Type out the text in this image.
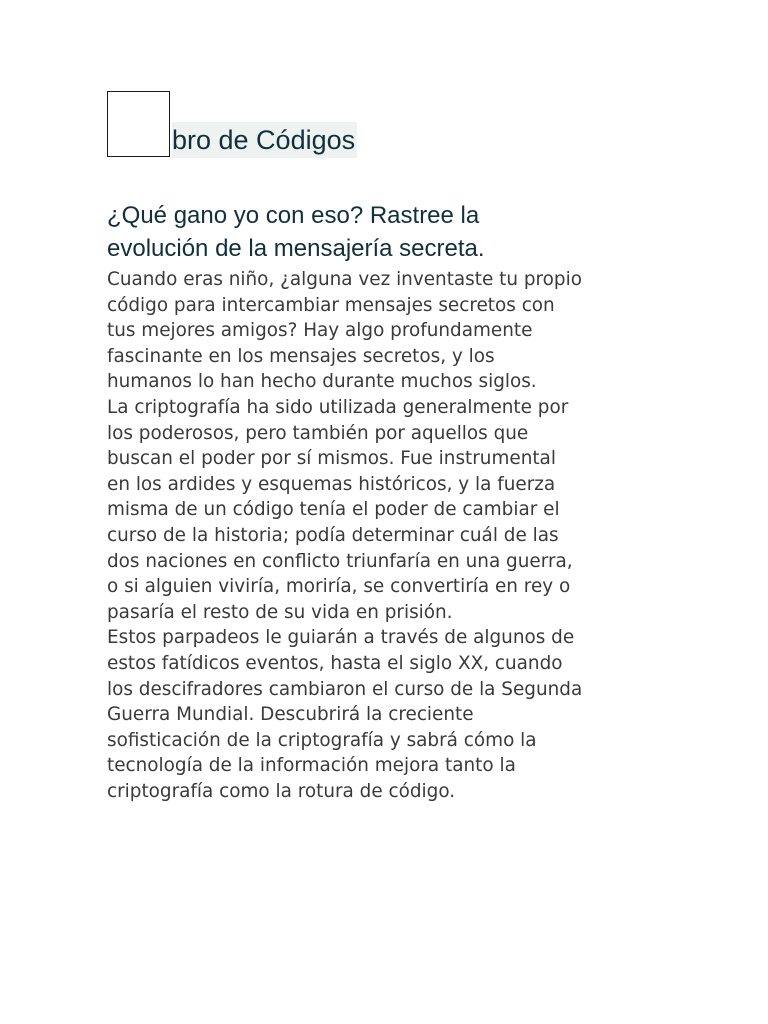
bro de Códigos
¿Qué gano yo con eso? Rastree la
evolución de la mensajería secreta.

Cuando eras niño, ¿alguna vez inventaste tu propio
código para intercambiar mensajes secretos con
tus mejores amigos? Hay algo profundamente
fascinante en los mensajes secretos, y los
humanos lo han hecho durante muchos siglos.

La criptografía ha sido utilizada generalmente por
los poderosos, pero también por aquellos que
buscan el poder por sí mismos. Fue instrumental
en los ardides y esquemas históricos, y la fuerza
misma de un código tenía el poder de cambiar el
curso de la historia; podía determinar cuál de las
dos naciones en conflicto triunfaría en una guerra,
o si alguien viviría, moriría, se convertiría en rey o
pasaría el resto de su vida en prisión.

Estos parpadeos le guiarán a través de algunos de
estos fatídicos eventos, hasta el siglo XX, cuando
los descifradores cambiaron el curso de la Segunda
Guerra Mundial. Descubrirá la creciente
sofisticación de la criptografía y sabrá cómo la
tecnología de la información mejora tanto la
criptografía como la rotura de código.
